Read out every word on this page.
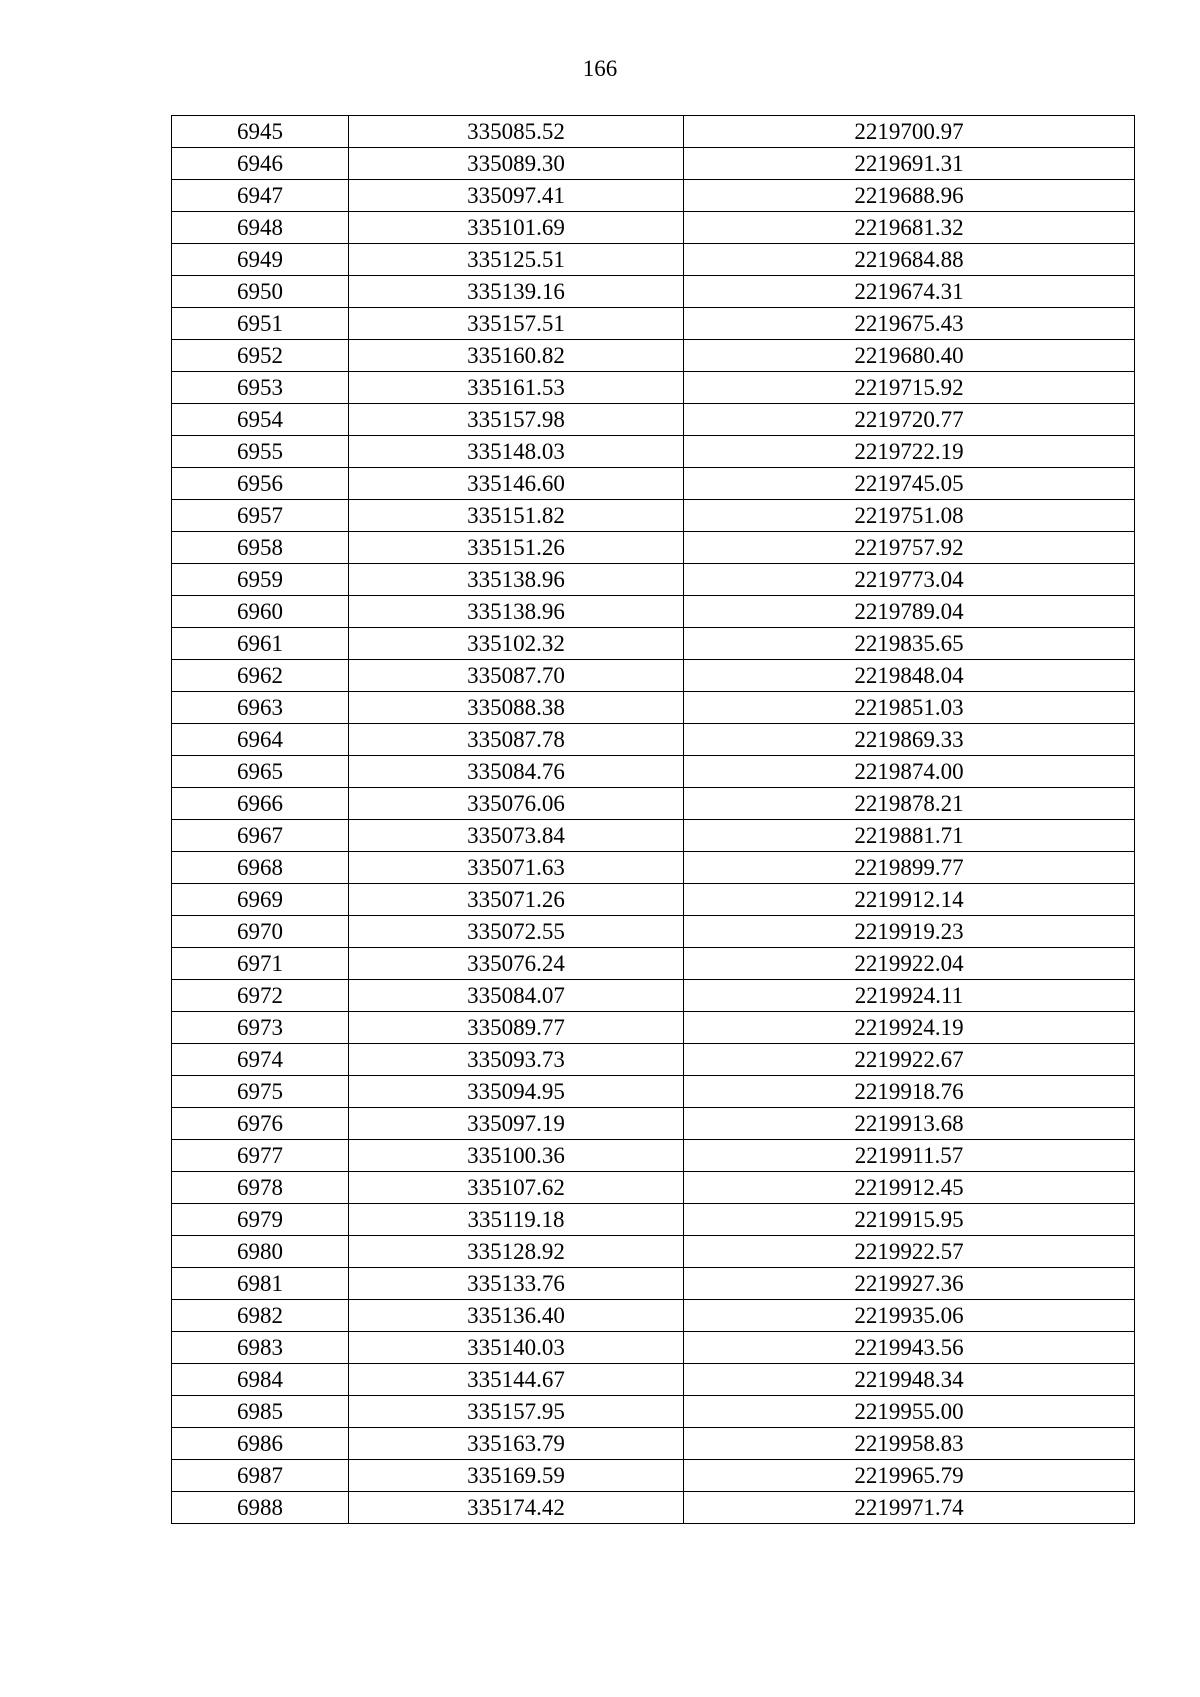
166
6945	335085.52	2219700.97
6946	335089.30	2219691.31
6947	335097.41	2219688.96
6948	335101.69	2219681.32
6949	335125.51	2219684.88
6950	335139.16	2219674.31
6951	335157.51	2219675.43
6952	335160.82	2219680.40
6953	335161.53	2219715.92
6954	335157.98	2219720.77
6955	335148.03	2219722.19
6956	335146.60	2219745.05
6957	335151.82	2219751.08
6958	335151.26	2219757.92
6959	335138.96	2219773.04
6960	335138.96	2219789.04
6961	335102.32	2219835.65
6962	335087.70	2219848.04
6963	335088.38	2219851.03
6964	335087.78	2219869.33
6965	335084.76	2219874.00
6966	335076.06	2219878.21
6967	335073.84	2219881.71
6968	335071.63	2219899.77
6969	335071.26	2219912.14
6970	335072.55	2219919.23
6971	335076.24	2219922.04
6972	335084.07	2219924.11
6973	335089.77	2219924.19
6974	335093.73	2219922.67
6975	335094.95	2219918.76
6976	335097.19	2219913.68
6977	335100.36	2219911.57
6978	335107.62	2219912.45
6979	335119.18	2219915.95
6980	335128.92	2219922.57
6981	335133.76	2219927.36
6982	335136.40	2219935.06
6983	335140.03	2219943.56
6984	335144.67	2219948.34
6985	335157.95	2219955.00
6986	335163.79	2219958.83
6987	335169.59	2219965.79
6988	335174.42	2219971.74
